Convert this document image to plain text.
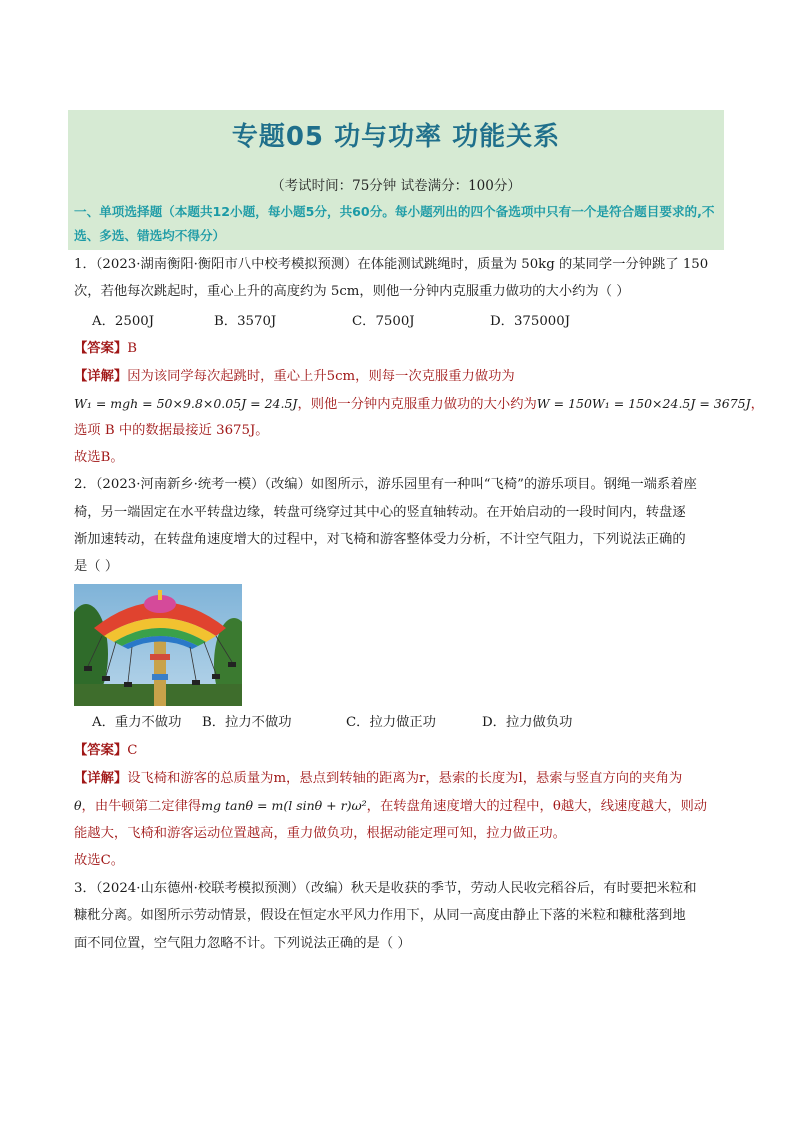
专题05 功与功率 功能关系
（考试时间：75分钟 试卷满分：100分）
一、单项选择题（本题共12小题，每小题5分，共60分。每小题列出的四个备选项中只有一个是符合题目要求的,不选、多选、错选均不得分）
1．（2023·湖南衡阳·衡阳市八中校考模拟预测）在体能测试跳绳时，质量为 50kg 的某同学一分钟跳了 150
次，若他每次跳起时，重心上升的高度约为 5cm，则他一分钟内克服重力做功的大小约为（ ）
A．2500J	B．3570J	C．7500J	D．375000J
【答案】B
【详解】因为该同学每次起跳时，重心上升5cm，则每一次克服重力做功为
W₁ = mgh = 50×9.8×0.05J = 24.5J，则他一分钟内克服重力做功的大小约为W = 150W₁ = 150×24.5J = 3675J，
选项 B 中的数据最接近 3675J。
故选B。
2．（2023·河南新乡·统考一模）（改编）如图所示，游乐园里有一种叫“飞椅”的游乐项目。钢绳一端系着座
椅，另一端固定在水平转盘边缘，转盘可绕穿过其中心的竖直轴转动。在开始启动的一段时间内，转盘逐
渐加速转动，在转盘角速度增大的过程中，对飞椅和游客整体受力分析，不计空气阻力，下列说法正确的
是（ ）
A．重力不做功 B．拉力不做功	C．拉力做正功	D．拉力做负功
【答案】C
【详解】设飞椅和游客的总质量为m，悬点到转轴的距离为r，悬索的长度为l，悬索与竖直方向的夹角为
θ，由牛顿第二定律得mg tanθ = m(l sinθ + r)ω²，在转盘角速度增大的过程中，θ越大，线速度越大，则动
能越大，飞椅和游客运动位置越高，重力做负功，根据动能定理可知，拉力做正功。
故选C。
3．（2024·山东德州·校联考模拟预测）（改编）秋天是收获的季节，劳动人民收完稻谷后，有时要把米粒和
糠秕分离。如图所示劳动情景，假设在恒定水平风力作用下，从同一高度由静止下落的米粒和糠秕落到地
面不同位置，空气阻力忽略不计。下列说法正确的是（ ）
